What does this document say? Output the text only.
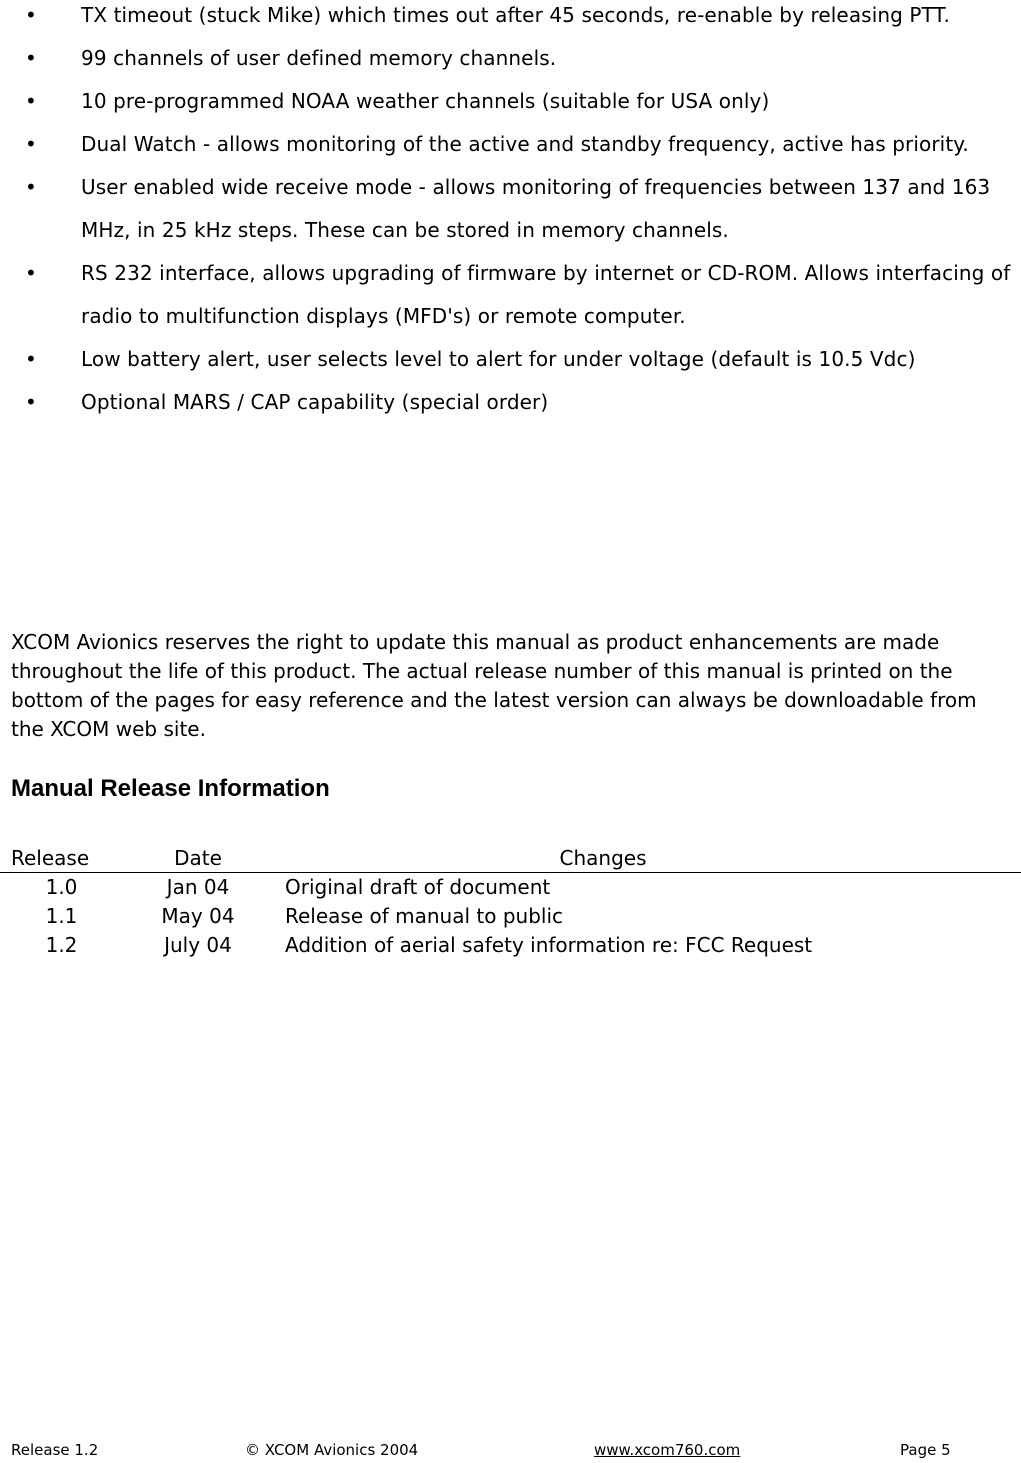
• TX timeout (stuck Mike) which times out after 45 seconds, re-enable by releasing PTT.
• 99 channels of user defined memory channels.
• 10 pre-programmed NOAA weather channels (suitable for USA only)
• Dual Watch - allows monitoring of the active and standby frequency, active has priority.
• User enabled wide receive mode - allows monitoring of frequencies between 137 and 163 MHz, in 25 kHz steps. These can be stored in memory channels.
• RS 232 interface, allows upgrading of firmware by internet or CD-ROM. Allows interfacing of radio to multifunction displays (MFD's) or remote computer.
• Low battery alert, user selects level to alert for under voltage (default is 10.5 Vdc)
• Optional MARS / CAP capability (special order)

XCOM Avionics reserves the right to update this manual as product enhancements are made throughout the life of this product. The actual release number of this manual is printed on the bottom of the pages for easy reference and the latest version can always be downloadable from the XCOM web site.

Manual Release Information
Release	Date	Changes
1.0	Jan 04	Original draft of document
1.1	May 04	Release of manual to public
1.2	July 04	Addition of aerial safety information re: FCC Request
Release 1.2	© XCOM Avionics 2004	www.xcom760.com	Page 5
